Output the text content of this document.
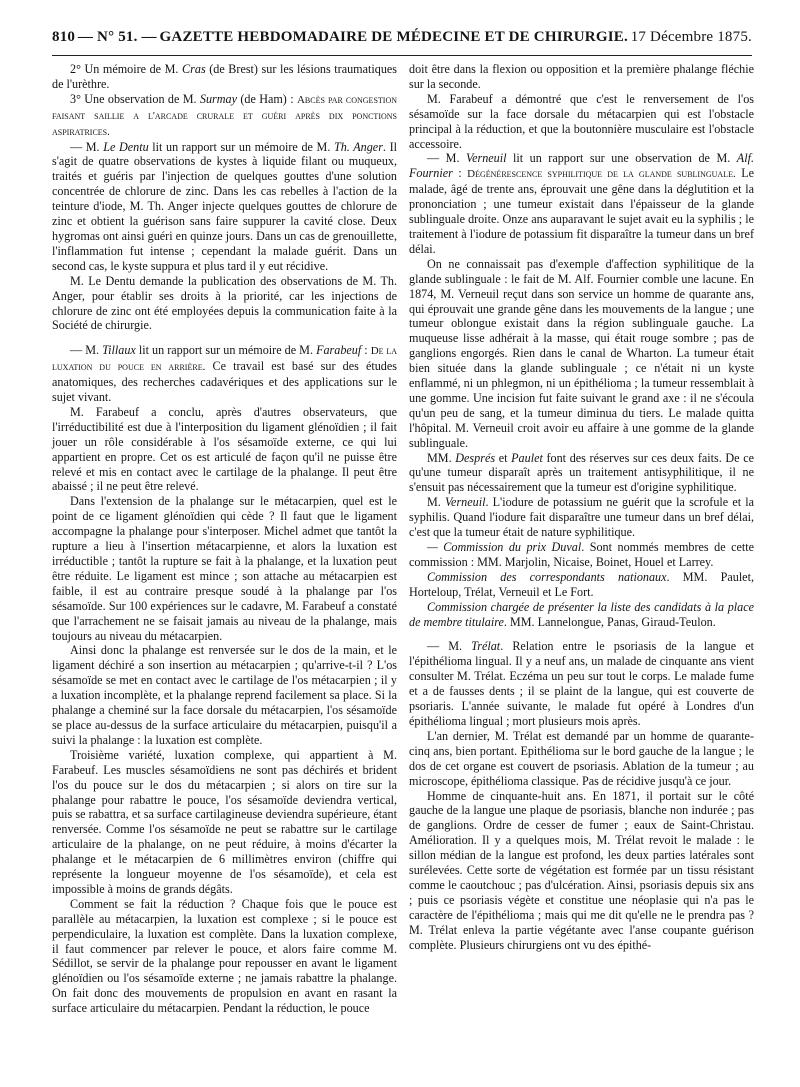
810 — N° 51. — GAZETTE HEBDOMADAIRE DE MÉDECINE ET DE CHIRURGIE. 17 Décembre 1875.

2° Un mémoire de M. Cras (de Brest) sur les lésions traumatiques de l'urèthre.

3° Une observation de M. Surmay (de Ham) : Abcès par congestion faisant saillie a l'arcade crurale et guéri après dix ponctions aspiratrices.

— M. Le Dentu lit un rapport sur un mémoire de M. Th. Anger. Il s'agit de quatre observations de kystes à liquide filant ou muqueux, traités et guéris par l'injection de quelques gouttes d'une solution concentrée de chlorure de zinc. Dans les cas rebelles à l'action de la teinture d'iode, M. Th. Anger injecte quelques gouttes de chlorure de zinc et obtient la guérison sans faire suppurer la cavité close. Deux hygromas ont ainsi guéri en quinze jours. Dans un cas de grenouillette, l'inflammation fut intense ; cependant la malade guérit. Dans un second cas, le kyste suppura et plus tard il y eut récidive.

M. Le Dentu demande la publication des observations de M. Th. Anger, pour établir ses droits à la priorité, car les injections de chlorure de zinc ont été employées depuis la communication faite à la Société de chirurgie.

— M. Tillaux lit un rapport sur un mémoire de M. Farabeuf : De la luxation du pouce en arrière. Ce travail est basé sur des études anatomiques, des recherches cadavériques et des applications sur le sujet vivant.

M. Farabeuf a conclu, après d'autres observateurs, que l'irréductibilité est due à l'interposition du ligament glénoïdien ; il fait jouer un rôle considérable à l'os sésamoïde externe, ce qui lui appartient en propre. Cet os est articulé de façon qu'il ne puisse être relevé et mis en contact avec le cartilage de la phalange. Il peut être abaissé ; il ne peut être relevé.

Dans l'extension de la phalange sur le métacarpien, quel est le point de ce ligament glénoïdien qui cède ? Il faut que le ligament accompagne la phalange pour s'interposer. Michel admet que tantôt la rupture a lieu à l'insertion métacarpienne, et alors la luxation est irréductible ; tantôt la rupture se fait à la phalange, et la luxation peut être réduite. Le ligament est mince ; son attache au métacarpien est faible, il est au contraire presque soudé à la phalange par l'os sésamoïde. Sur 100 expériences sur le cadavre, M. Farabeuf a constaté que l'arrachement ne se faisait jamais au niveau de la phalange, mais toujours au niveau du métacarpien.

Ainsi donc la phalange est renversée sur le dos de la main, et le ligament déchiré a son insertion au métacarpien ; qu'arrive-t-il ? L'os sésamoïde se met en contact avec le cartilage de l'os métacarpien ; il y a luxation incomplète, et la phalange reprend facilement sa place. Si la phalange a cheminé sur la face dorsale du métacarpien, l'os sésamoïde se place au-dessus de la surface articulaire du métacarpien, puisqu'il a suivi la phalange : la luxation est complète.

Troisième variété, luxation complexe, qui appartient à M. Farabeuf. Les muscles sésamoïdiens ne sont pas déchirés et brident l'os du pouce sur le dos du métacarpien ; si alors on tire sur la phalange pour rabattre le pouce, l'os sésamoïde deviendra vertical, puis se rabattra, et sa surface cartilagineuse deviendra supérieure, étant renversée. Comme l'os sésamoïde ne peut se rabattre sur le cartilage articulaire de la phalange, on ne peut réduire, à moins d'écarter la phalange et le métacarpien de 6 millimètres environ (chiffre qui représente la longueur moyenne de l'os sésamoïde), et cela est impossible à moins de grands dégâts.

Comment se fait la réduction ? Chaque fois que le pouce est parallèle au métacarpien, la luxation est complexe ; si le pouce est perpendiculaire, la luxation est complète. Dans la luxation complexe, il faut commencer par relever le pouce, et alors faire comme M. Sédillot, se servir de la phalange pour repousser en avant le ligament glénoïdien ou l'os sésamoïde externe ; ne jamais rabattre la phalange. On fait donc des mouvements de propulsion en avant en rasant la surface articulaire du métacarpien. Pendant la réduction, le pouce

doit être dans la flexion ou opposition et la première phalange fléchie sur la seconde.

M. Farabeuf a démontré que c'est le renversement de l'os sésamoïde sur la face dorsale du métacarpien qui est l'obstacle principal à la réduction, et que la boutonnière musculaire est l'obstacle accessoire.

— M. Verneuil lit un rapport sur une observation de M. Alf. Fournier : Dégénérescence syphilitique de la glande sublinguale. Le malade, âgé de trente ans, éprouvait une gêne dans la déglutition et la prononciation ; une tumeur existait dans l'épaisseur de la glande sublinguale droite. Onze ans auparavant le sujet avait eu la syphilis ; le traitement à l'iodure de potassium fit disparaître la tumeur dans un bref délai.

On ne connaissait pas d'exemple d'affection syphilitique de la glande sublinguale : le fait de M. Alf. Fournier comble une lacune. En 1874, M. Verneuil reçut dans son service un homme de quarante ans, qui éprouvait une grande gêne dans les mouvements de la langue ; une tumeur oblongue existait dans la région sublinguale gauche. La muqueuse lisse adhérait à la masse, qui était rouge sombre ; pas de ganglions engorgés. Rien dans le canal de Wharton. La tumeur était bien située dans la glande sublinguale ; ce n'était ni un kyste enflammé, ni un phlegmon, ni un épithélioma ; la tumeur ressemblait à une gomme. Une incision fut faite suivant le grand axe : il ne s'écoula qu'un peu de sang, et la tumeur diminua du tiers. Le malade quitta l'hôpital. M. Verneuil croit avoir eu affaire à une gomme de la glande sublinguale.

MM. Després et Paulet font des réserves sur ces deux faits. De ce qu'une tumeur disparaît après un traitement antisyphilitique, il ne s'ensuit pas nécessairement que la tumeur est d'origine syphilitique.

M. Verneuil. L'iodure de potassium ne guérit que la scrofule et la syphilis. Quand l'iodure fait disparaître une tumeur dans un bref délai, c'est que la tumeur était de nature syphilitique.

— Commission du prix Duval. Sont nommés membres de cette commission : MM. Marjolin, Nicaise, Boinet, Houel et Larrey.

Commission des correspondants nationaux. MM. Paulet, Horteloup, Trélat, Verneuil et Le Fort.

Commission chargée de présenter la liste des candidats à la place de membre titulaire. MM. Lannelongue, Panas, Giraud-Teulon.

— M. Trélat. Relation entre le psoriasis de la langue et l'épithélioma lingual. Il y a neuf ans, un malade de cinquante ans vient consulter M. Trélat. Eczéma un peu sur tout le corps. Le malade fume et a de fausses dents ; il se plaint de la langue, qui est couverte de psoriaris. L'année suivante, le malade fut opéré à Londres d'un épithélioma lingual ; mort plusieurs mois après.

L'an dernier, M. Trélat est demandé par un homme de quarante-cinq ans, bien portant. Epithélioma sur le bord gauche de la langue ; le dos de cet organe est couvert de psoriasis. Ablation de la tumeur ; au microscope, épithélioma classique. Pas de récidive jusqu'à ce jour.

Homme de cinquante-huit ans. En 1871, il portait sur le côté gauche de la langue une plaque de psoriasis, blanche non indurée ; pas de ganglions. Ordre de cesser de fumer ; eaux de Saint-Christau. Amélioration. Il y a quelques mois, M. Trélat revoit le malade : le sillon médian de la langue est profond, les deux parties latérales sont surélevées. Cette sorte de végétation est formée par un tissu résistant comme le caoutchouc ; pas d'ulcération. Ainsi, psoriasis depuis six ans ; puis ce psoriasis végète et constitue une néoplasie qui n'a pas le caractère de l'épithélioma ; mais qui me dit qu'elle ne le prendra pas ? M. Trélat enleva la partie végétante avec l'anse coupante guérison complète. Plusieurs chirurgiens ont vu des épithé-
